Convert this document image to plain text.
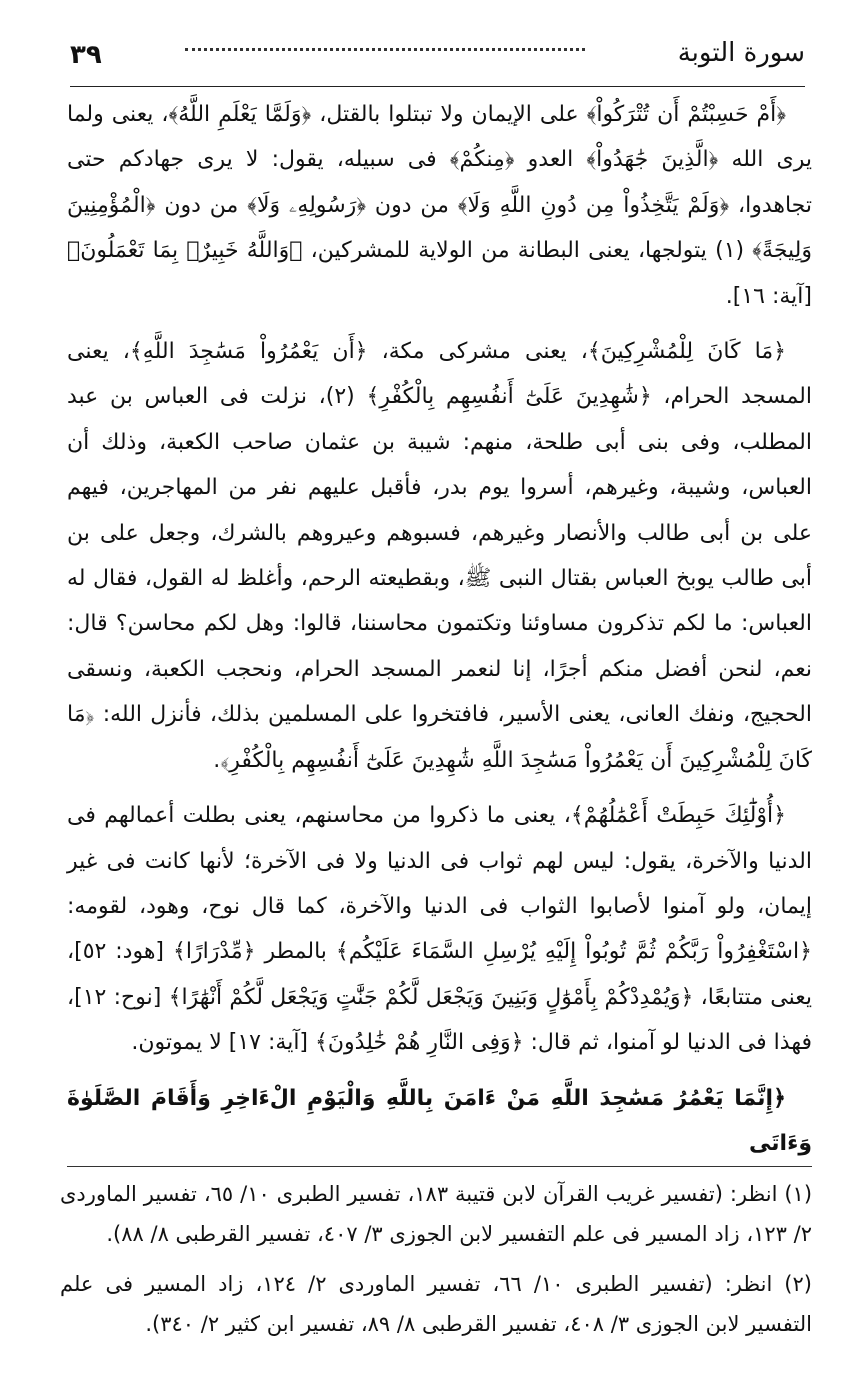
سورة التوبة
٣٩

﴿أَمْ حَسِبْتُمْ أَن تُتْرَكُواْ﴾ على الإيمان ولا تبتلوا بالقتل، ﴿وَلَمَّا يَعْلَمِ اللَّهُ﴾، يعنى ولما يرى الله ﴿الَّذِينَ جَٰهَدُواْ﴾ العدو ﴿مِنكُمْ﴾ فى سبيله، يقول: لا يرى جهادكم حتى تجاهدوا، ﴿وَلَمْ يَتَّخِذُواْ مِن دُونِ اللَّهِ وَلَا﴾ من دون ﴿رَسُولِهِۦ وَلَا﴾ من دون ﴿الْمُؤْمِنِينَ وَلِيجَةً﴾ (١) يتولجها، يعنى البطانة من الولاية للمشركين، ﴿وَاللَّهُ خَبِيرٌۢ بِمَا تَعْمَلُونَ﴾ [آية: ١٦].

﴿مَا كَانَ لِلْمُشْرِكِينَ﴾، يعنى مشركى مكة، ﴿أَن يَعْمُرُواْ مَسَٰجِدَ اللَّهِ﴾، يعنى المسجد الحرام، ﴿شَٰهِدِينَ عَلَىٰٓ أَنفُسِهِم بِالْكُفْرِ﴾ (٢)، نزلت فى العباس بن عبد المطلب، وفى بنى أبى طلحة، منهم: شيبة بن عثمان صاحب الكعبة، وذلك أن العباس، وشيبة، وغيرهم، أسروا يوم بدر، فأقبل عليهم نفر من المهاجرين، فيهم على بن أبى طالب والأنصار وغيرهم، فسبوهم وعيروهم بالشرك، وجعل على بن أبى طالب يوبخ العباس بقتال النبى ﷺ، وبقطيعته الرحم، وأغلظ له القول، فقال له العباس: ما لكم تذكرون مساوئنا وتكتمون محاسننا، قالوا: وهل لكم محاسن؟ قال: نعم، لنحن أفضل منكم أجرًا، إنا لنعمر المسجد الحرام، ونحجب الكعبة، ونسقى الحجيج، ونفك العانى، يعنى الأسير، فافتخروا على المسلمين بذلك، فأنزل الله: ﴿مَا كَانَ لِلْمُشْرِكِينَ أَن يَعْمُرُواْ مَسَٰجِدَ اللَّهِ شَٰهِدِينَ عَلَىٰٓ أَنفُسِهِم بِالْكُفْرِ﴾.

﴿أُوْلَٰٓئِكَ حَبِطَتْ أَعْمَٰلُهُمْ﴾، يعنى ما ذكروا من محاسنهم، يعنى بطلت أعمالهم فى الدنيا والآخرة، يقول: ليس لهم ثواب فى الدنيا ولا فى الآخرة؛ لأنها كانت فى غير إيمان، ولو آمنوا لأصابوا الثواب فى الدنيا والآخرة، كما قال نوح، وهود، لقومه: ﴿اسْتَغْفِرُواْ رَبَّكُمْ ثُمَّ تُوبُواْ إِلَيْهِ يُرْسِلِ السَّمَاءَ عَلَيْكُم﴾ بالمطر ﴿مِّدْرَارًا﴾ [هود: ٥٢]، يعنى متتابعًا، ﴿وَيُمْدِدْكُمْ بِأَمْوَٰلٍ وَبَنِينَ وَيَجْعَل لَّكُمْ جَنَّٰتٍ وَيَجْعَل لَّكُمْ أَنْهَٰرًا﴾ [نوح: ١٢]، فهذا فى الدنيا لو آمنوا، ثم قال: ﴿وَفِى النَّارِ هُمْ خَٰلِدُونَ﴾ [آية: ١٧] لا يموتون.

﴿إِنَّمَا يَعْمُرُ مَسَٰجِدَ اللَّهِ مَنْ ءَامَنَ بِاللَّهِ وَالْيَوْمِ الْءَاخِرِ وَأَقَامَ الصَّلَوٰةَ وَءَاتَى

(١) انظر: (تفسير غريب القرآن لابن قتيبة ١٨٣، تفسير الطبرى ١٠/ ٦٥، تفسير الماوردى ٢/ ١٢٣، زاد المسير فى علم التفسير لابن الجوزى ٣/ ٤٠٧، تفسير القرطبى ٨/ ٨٨).

(٢) انظر: (تفسير الطبرى ١٠/ ٦٦، تفسير الماوردى ٢/ ١٢٤، زاد المسير فى علم التفسير لابن الجوزى ٣/ ٤٠٨، تفسير القرطبى ٨/ ٨٩، تفسير ابن كثير ٢/ ٣٤٠).
